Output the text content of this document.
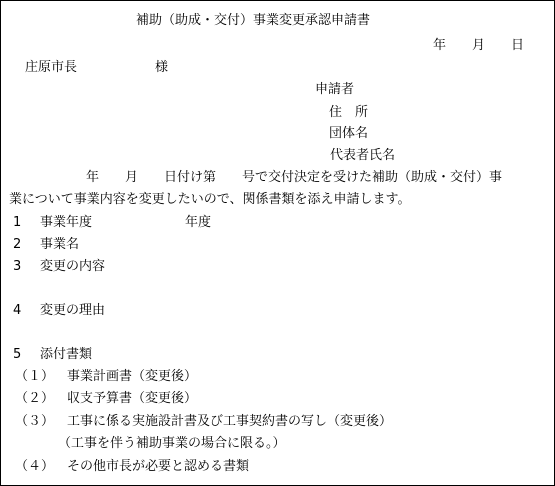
補助（助成・交付）事業変更承認申請書
年　　月　　日
庄原市長　　　　　　様
申請者
住　所
団体名
代表者氏名
年　　月　　日付け第　　号で交付決定を受けた補助（助成・交付）事
業について事業内容を変更したいので、関係書類を添え申請します。
1 事業年度	年度
2 事業名
3 変更の内容
4 変更の理由
5 添付書類
（１） 事業計画書（変更後）
（２） 収支予算書（変更後）
（３） 工事に係る実施設計書及び工事契約書の写し（変更後）
（工事を伴う補助事業の場合に限る。）
（４） その他市長が必要と認める書類
